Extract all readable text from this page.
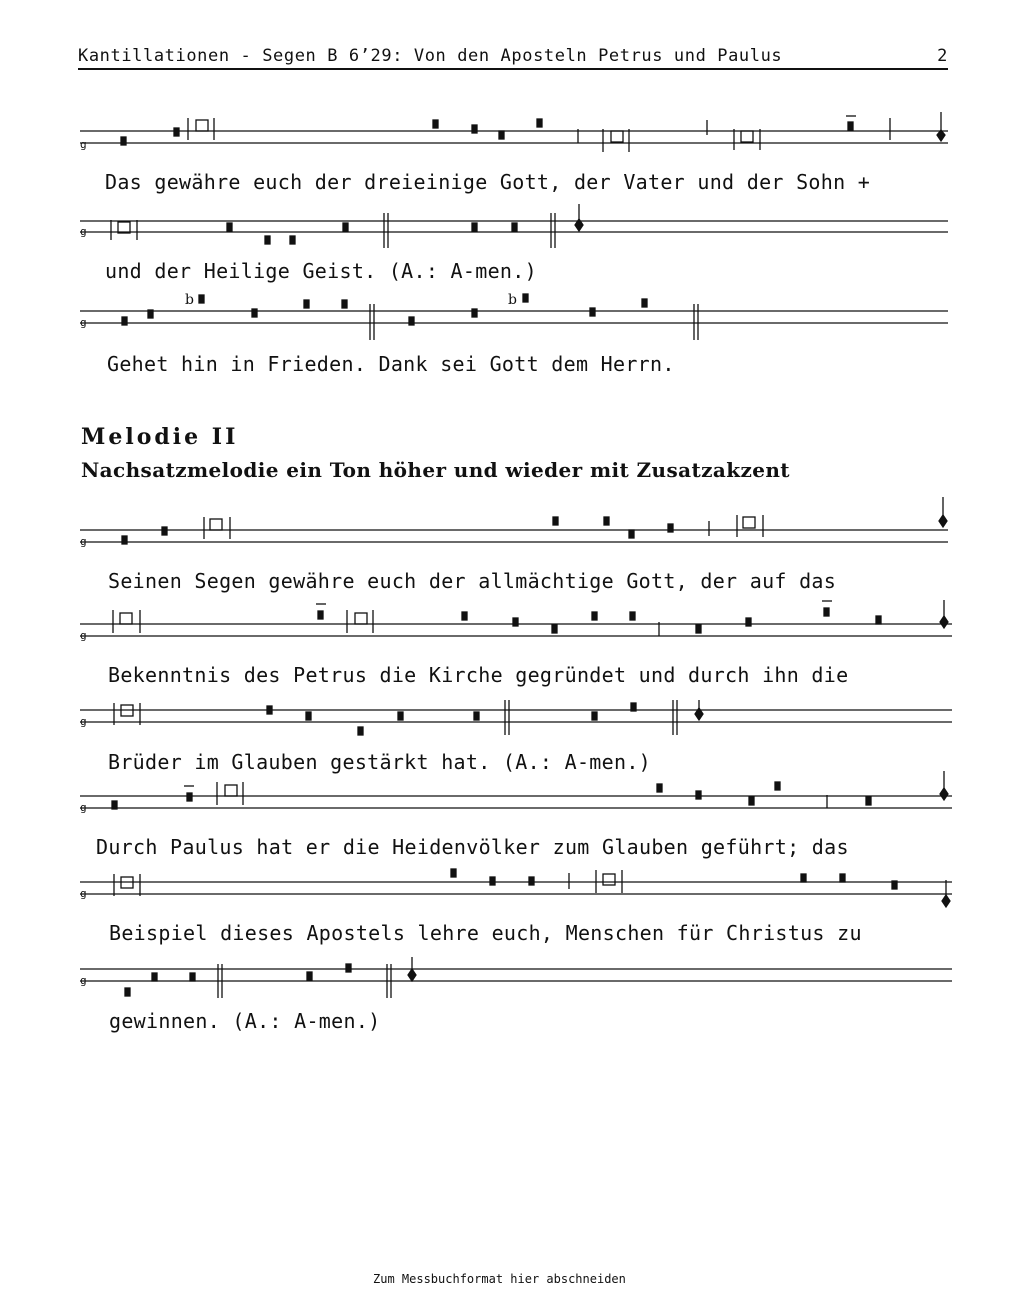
Kantillationen - Segen B 6’29: Von den Aposteln Petrus und Paulus	2
g
g
g
b	b
g
g
g
g
g
g
Das gewähre euch der dreieinige Gott, der Vater und der Sohn +
und der Heilige Geist. (A.: A-men.)
Gehet hin in Frieden. Dank sei Gott dem Herrn.
Melodie II
Nachsatzmelodie ein Ton höher und wieder mit Zusatzakzent
Seinen Segen gewähre euch der allmächtige Gott, der auf das
Bekenntnis des Petrus die Kirche gegründet und durch ihn die
Brüder im Glauben gestärkt hat. (A.: A-men.)
Durch Paulus hat er die Heidenvölker zum Glauben geführt; das
Beispiel dieses Apostels lehre euch, Menschen für Christus zu
gewinnen. (A.: A-men.)
Zum Messbuchformat hier abschneiden
